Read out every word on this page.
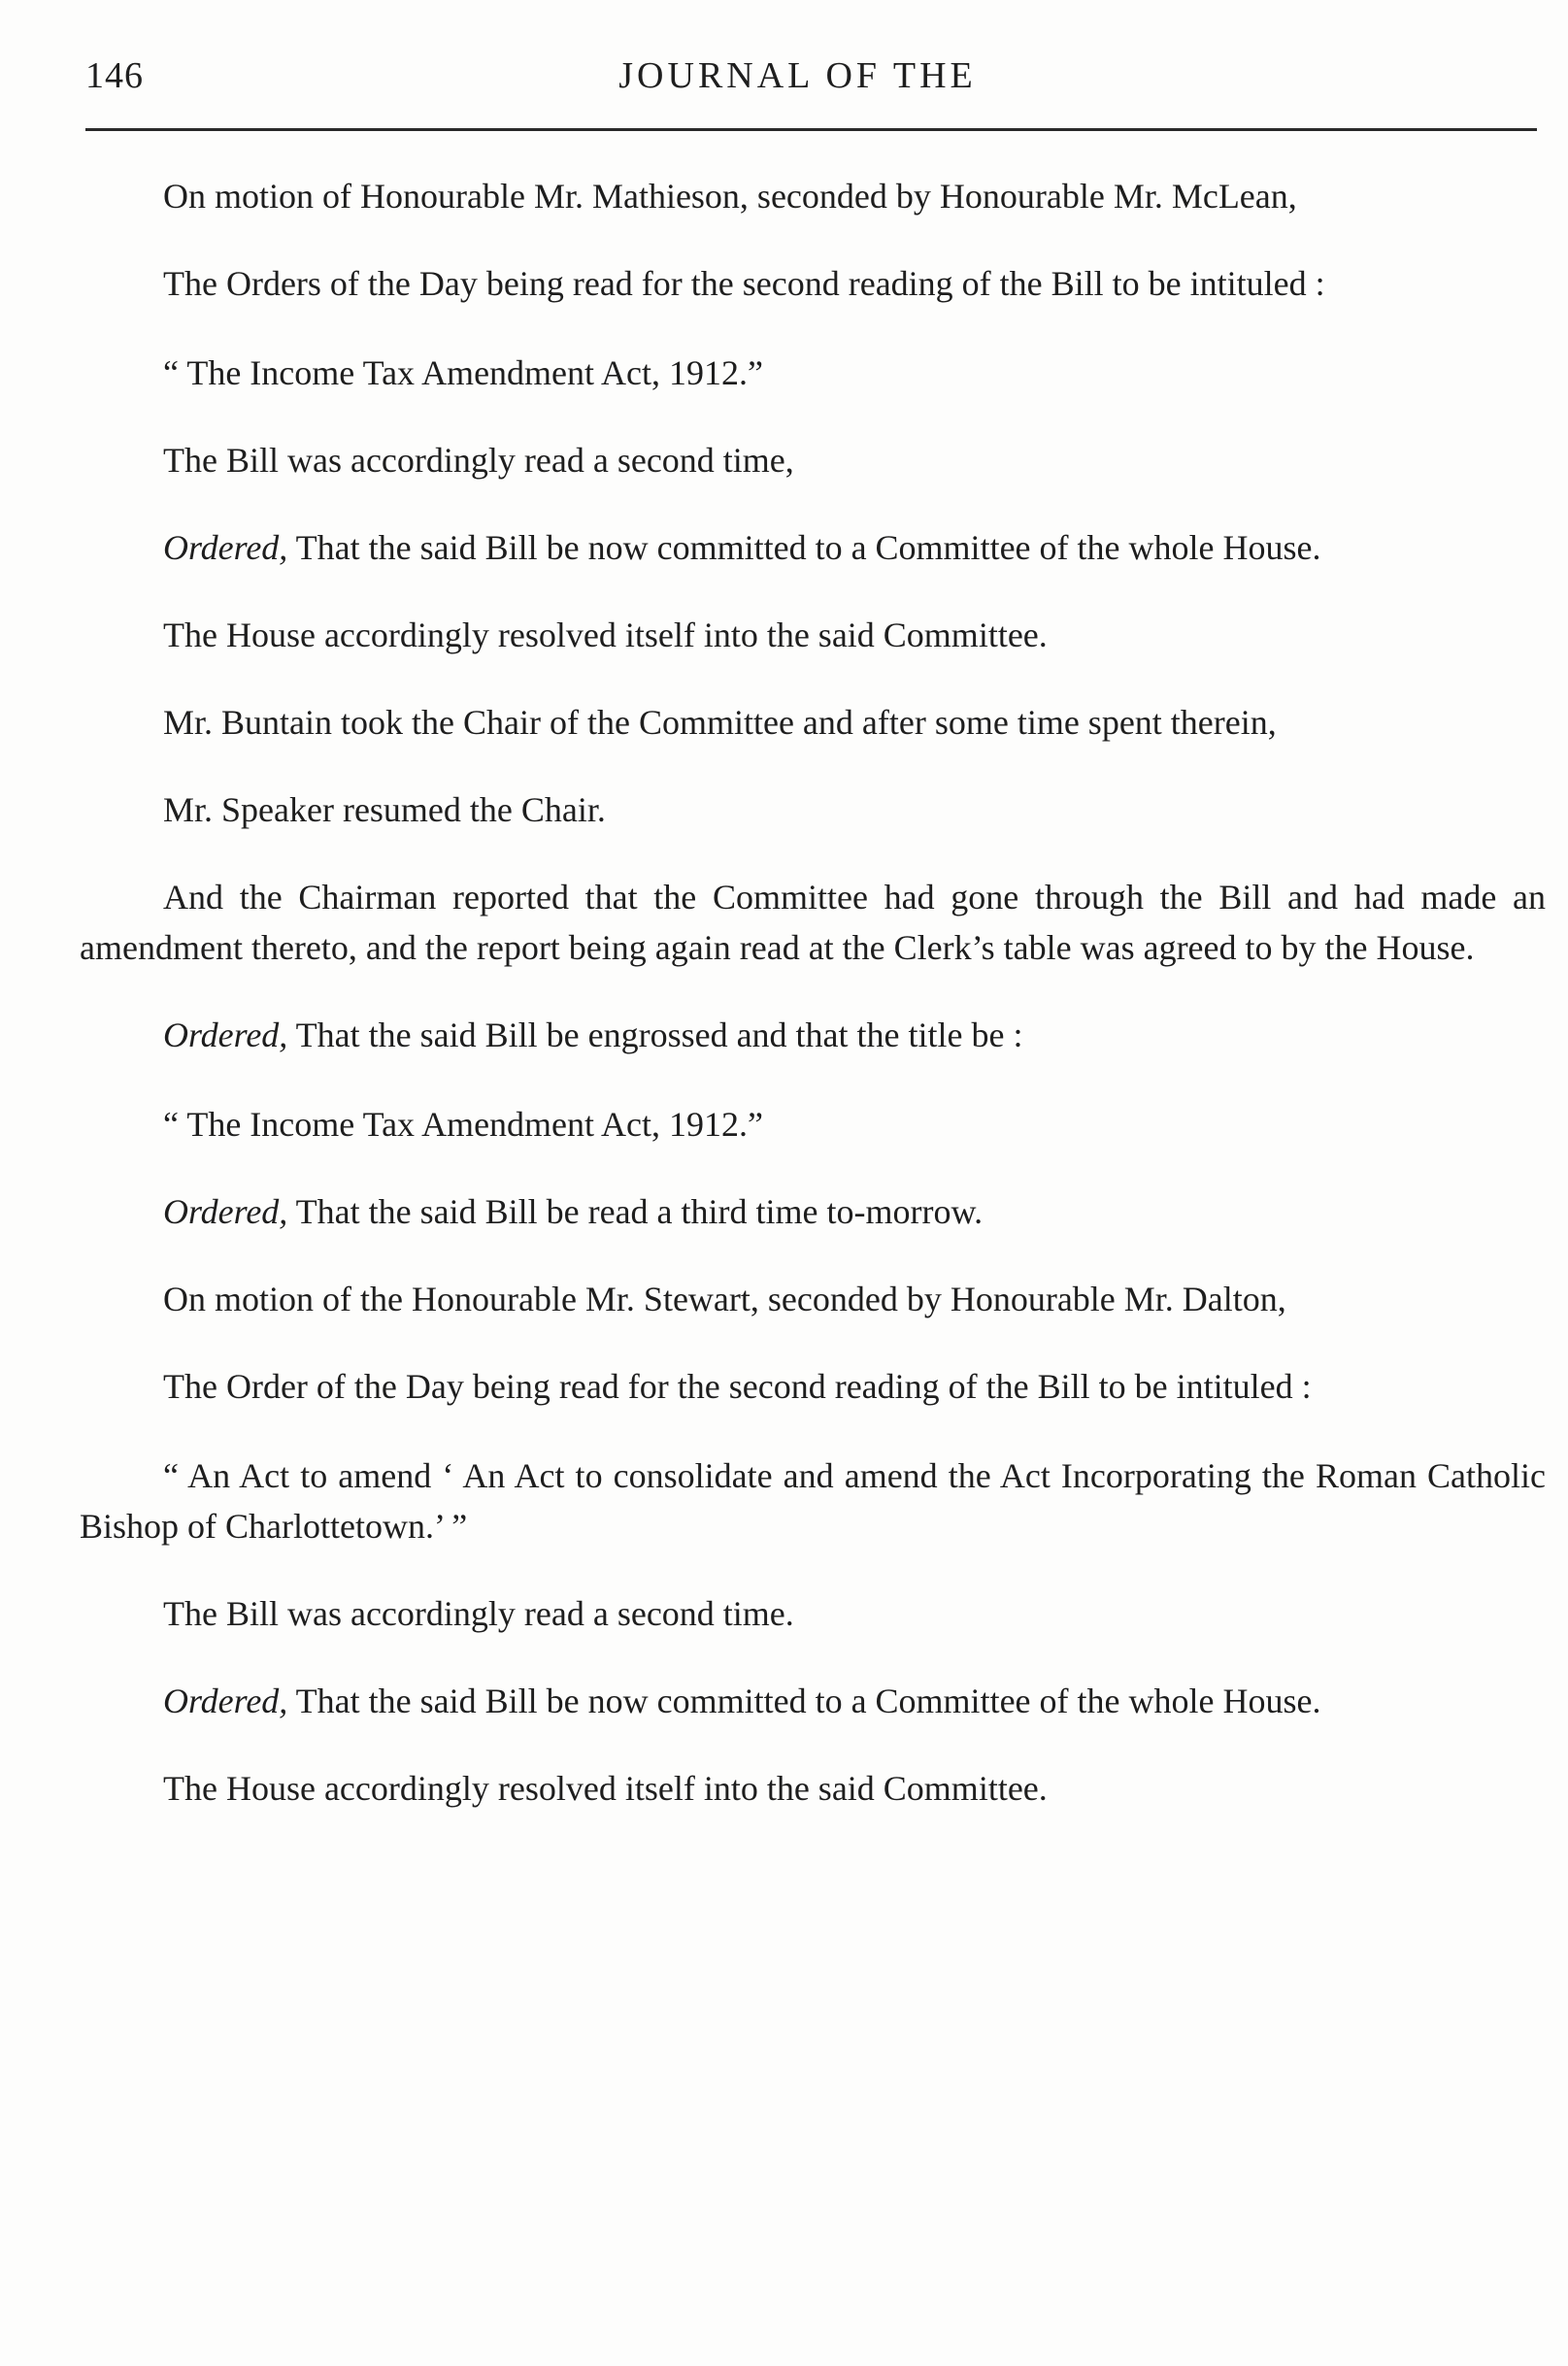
146	JOURNAL OF THE

On motion of Honourable Mr. Mathieson, seconded by Honourable Mr. McLean,

The Orders of the Day being read for the second reading of the Bill to be intituled :

“ The Income Tax Amendment Act, 1912.”

The Bill was accordingly read a second time,

Ordered, That the said Bill be now committed to a Committee of the whole House.

The House accordingly resolved itself into the said Committee.

Mr. Buntain took the Chair of the Committee and after some time spent therein,

Mr. Speaker resumed the Chair.

And the Chairman reported that the Committee had gone through the Bill and had made an amendment thereto, and the report being again read at the Clerk’s table was agreed to by the House.

Ordered, That the said Bill be engrossed and that the title be :

“ The Income Tax Amendment Act, 1912.”

Ordered, That the said Bill be read a third time to-morrow.

On motion of the Honourable Mr. Stewart, seconded by Honourable Mr. Dalton,

The Order of the Day being read for the second reading of the Bill to be intituled :

“ An Act to amend ‘ An Act to consolidate and amend the Act Incorporating the Roman Catholic Bishop of Charlottetown.’ ”

The Bill was accordingly read a second time.

Ordered, That the said Bill be now committed to a Committee of the whole House.

The House accordingly resolved itself into the said Committee.
